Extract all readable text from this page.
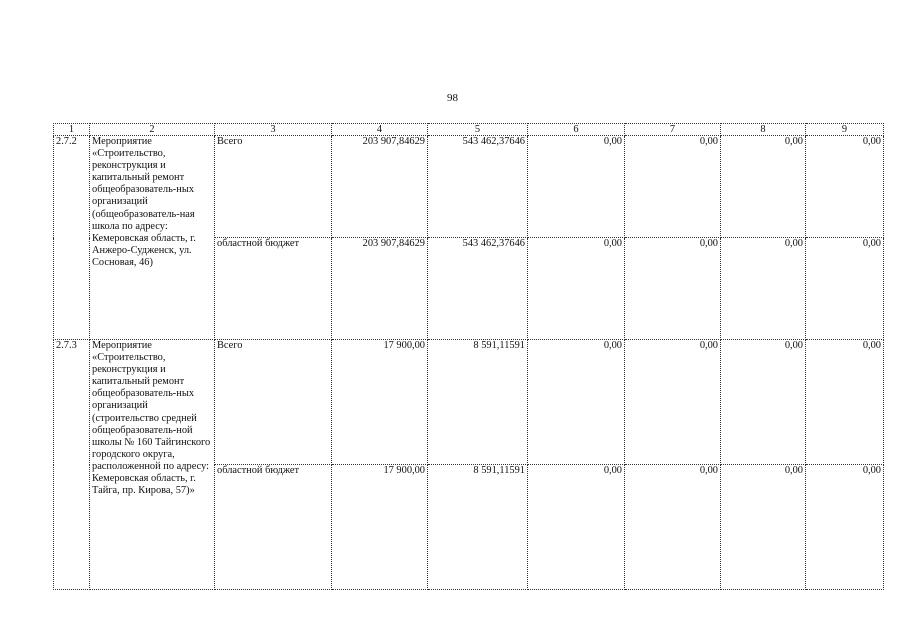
98
1	2	3	4	5	6	7	8	9
2.7.2	Мероприятие «Строительство, реконструкция и капитальный ремонт общеобразователь-ных организаций (общеобразователь-ная школа по адресу: Кемеровская область, г. Анжеро-Судженск, ул. Сосновая, 46)	Всего	203 907,84629	543 462,37646	0,00	0,00	0,00	0,00
		областной бюджет	203 907,84629	543 462,37646	0,00	0,00	0,00	0,00
2.7.3	Мероприятие «Строительство, реконструкция и капитальный ремонт общеобразователь-ных организаций (строительство средней общеобразователь-ной школы № 160 Тайгинского городского округа, расположенной по адресу: Кемеровская область, г. Тайга, пр. Кирова, 57)»	Всего	17 900,00	8 591,11591	0,00	0,00	0,00	0,00
		областной бюджет	17 900,00	8 591,11591	0,00	0,00	0,00	0,00
